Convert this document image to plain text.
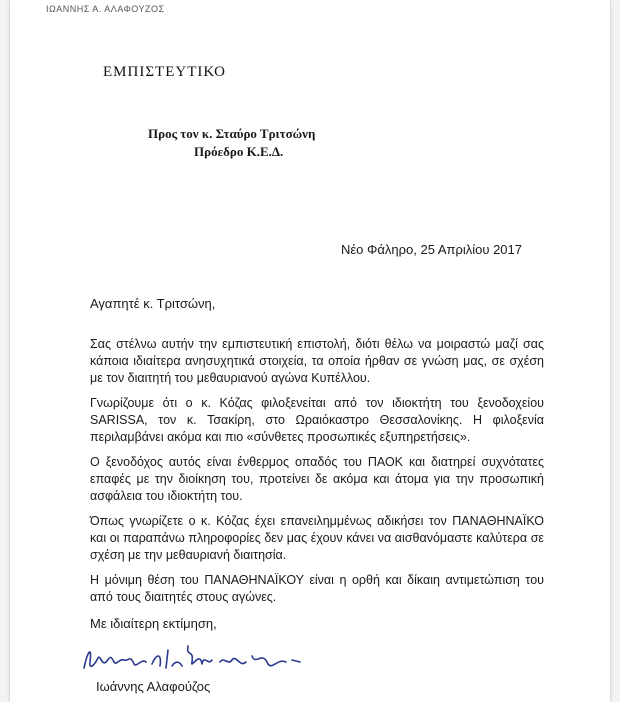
ΙΩΑΝΝΗΣ Α. ΑΛΑΦΟΥΖΟΣ
ΕΜΠΙΣΤΕΥΤΙΚΟ
Προς τον κ. Σταύρο Τριτσώνη
Πρόεδρο Κ.Ε.Δ.
Νέο Φάληρο, 25 Απριλίου 2017
Αγαπητέ κ. Τριτσώνη,

Σας στέλνω αυτήν την εμπιστευτική επιστολή, διότι θέλω να μοιραστώ μαζί σας κάποια ιδιαίτερα ανησυχητικά στοιχεία, τα οποία ήρθαν σε γνώση μας, σε σχέση με τον διαιτητή του μεθαυριανού αγώνα Κυπέλλου.

Γνωρίζουμε ότι ο κ. Κόζας φιλοξενείται από τον ιδιοκτήτη του ξενοδοχείου SARISSA, τον κ. Τσακίρη, στο Ωραιόκαστρο Θεσσαλονίκης. Η φιλοξενία περιλαμβάνει ακόμα και πιο «σύνθετες προσωπικές εξυπηρετήσεις».

Ο ξενοδόχος αυτός είναι ένθερμος οπαδός του ΠΑΟΚ και διατηρεί συχνότατες επαφές με την διοίκηση του, προτείνει δε ακόμα και άτομα για την προσωπική ασφάλεια του ιδιοκτήτη του.

Όπως γνωρίζετε ο κ. Κόζας έχει επανειλημμένως αδικήσει τον ΠΑΝΑΘΗΝΑΪΚΟ και οι παραπάνω πληροφορίες δεν μας έχουν κάνει να αισθανόμαστε καλύτερα σε σχέση με την μεθαυριανή διαιτησία.

Η μόνιμη θέση του ΠΑΝΑΘΗΝΑΪΚΟΥ είναι η ορθή και δίκαιη αντιμετώπιση του από τους διαιτητές στους αγώνες.

Με ιδιαίτερη εκτίμηση,
Ιωάννης Αλαφούζος
